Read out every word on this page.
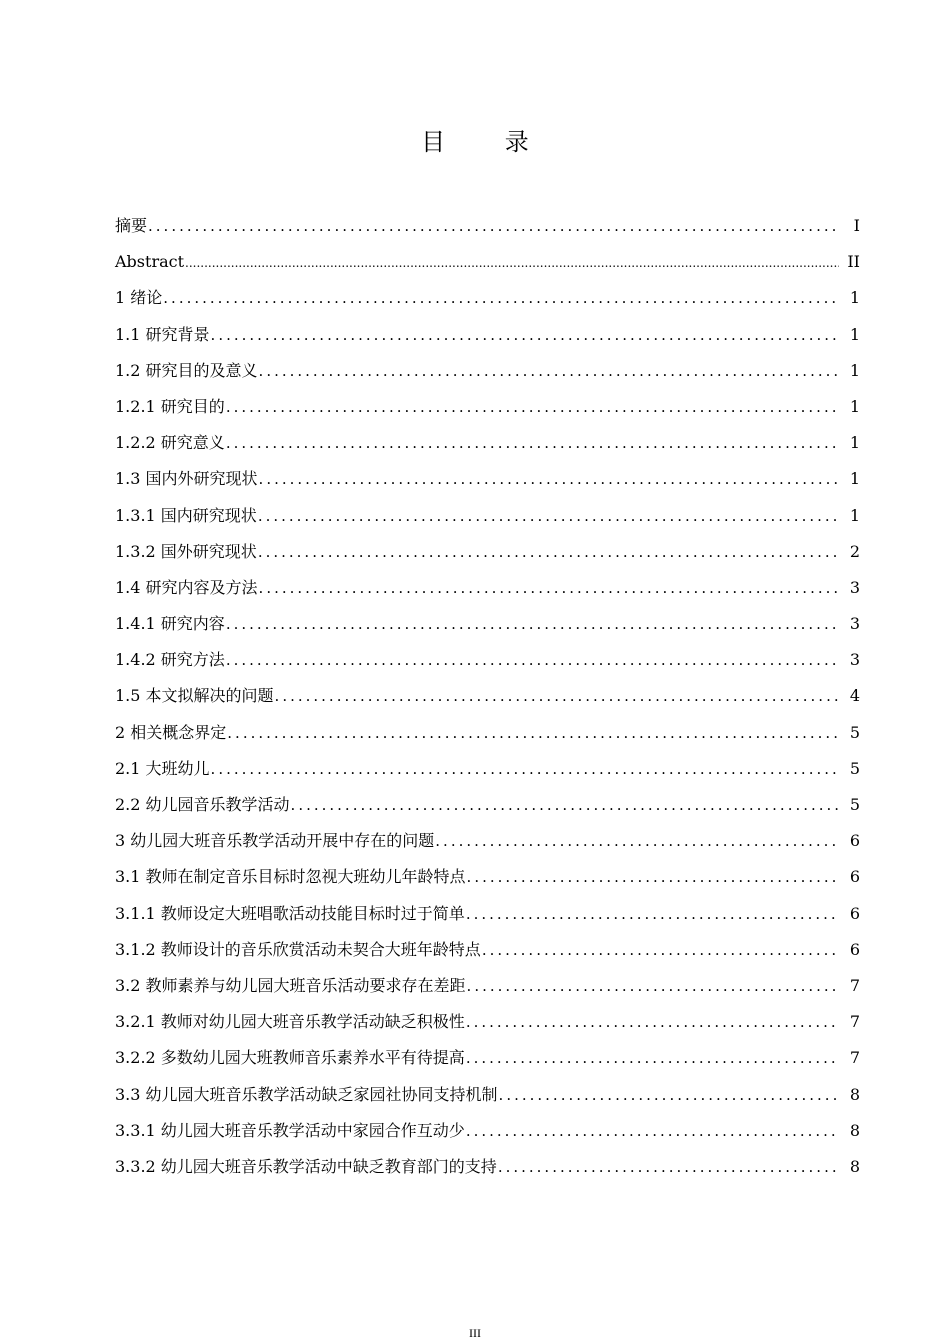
目 录
摘要 .....	I
Abstract .....	II
1 绪论 .....	1
1.1 研究背景 .....	1
1.2 研究目的及意义 .....	1
1.2.1 研究目的 .....	1
1.2.2 研究意义 .....	1
1.3 国内外研究现状 .....	1
1.3.1 国内研究现状 .....	1
1.3.2 国外研究现状 .....	2
1.4 研究内容及方法 .....	3
1.4.1 研究内容 .....	3
1.4.2 研究方法 .....	3
1.5 本文拟解决的问题 .....	4
2 相关概念界定 .....	5
2.1 大班幼儿 .....	5
2.2 幼儿园音乐教学活动 .....	5
3 幼儿园大班音乐教学活动开展中存在的问题 .....	6
3.1 教师在制定音乐目标时忽视大班幼儿年龄特点 .....	6
3.1.1 教师设定大班唱歌活动技能目标时过于简单 .....	6
3.1.2 教师设计的音乐欣赏活动未契合大班年龄特点 .....	6
3.2 教师素养与幼儿园大班音乐活动要求存在差距 .....	7
3.2.1 教师对幼儿园大班音乐教学活动缺乏积极性 .....	7
3.2.2 多数幼儿园大班教师音乐素养水平有待提高 .....	7
3.3 幼儿园大班音乐教学活动缺乏家园社协同支持机制 .....	8
3.3.1 幼儿园大班音乐教学活动中家园合作互动少 .....	8
3.3.2 幼儿园大班音乐教学活动中缺乏教育部门的支持 .....	8
III
